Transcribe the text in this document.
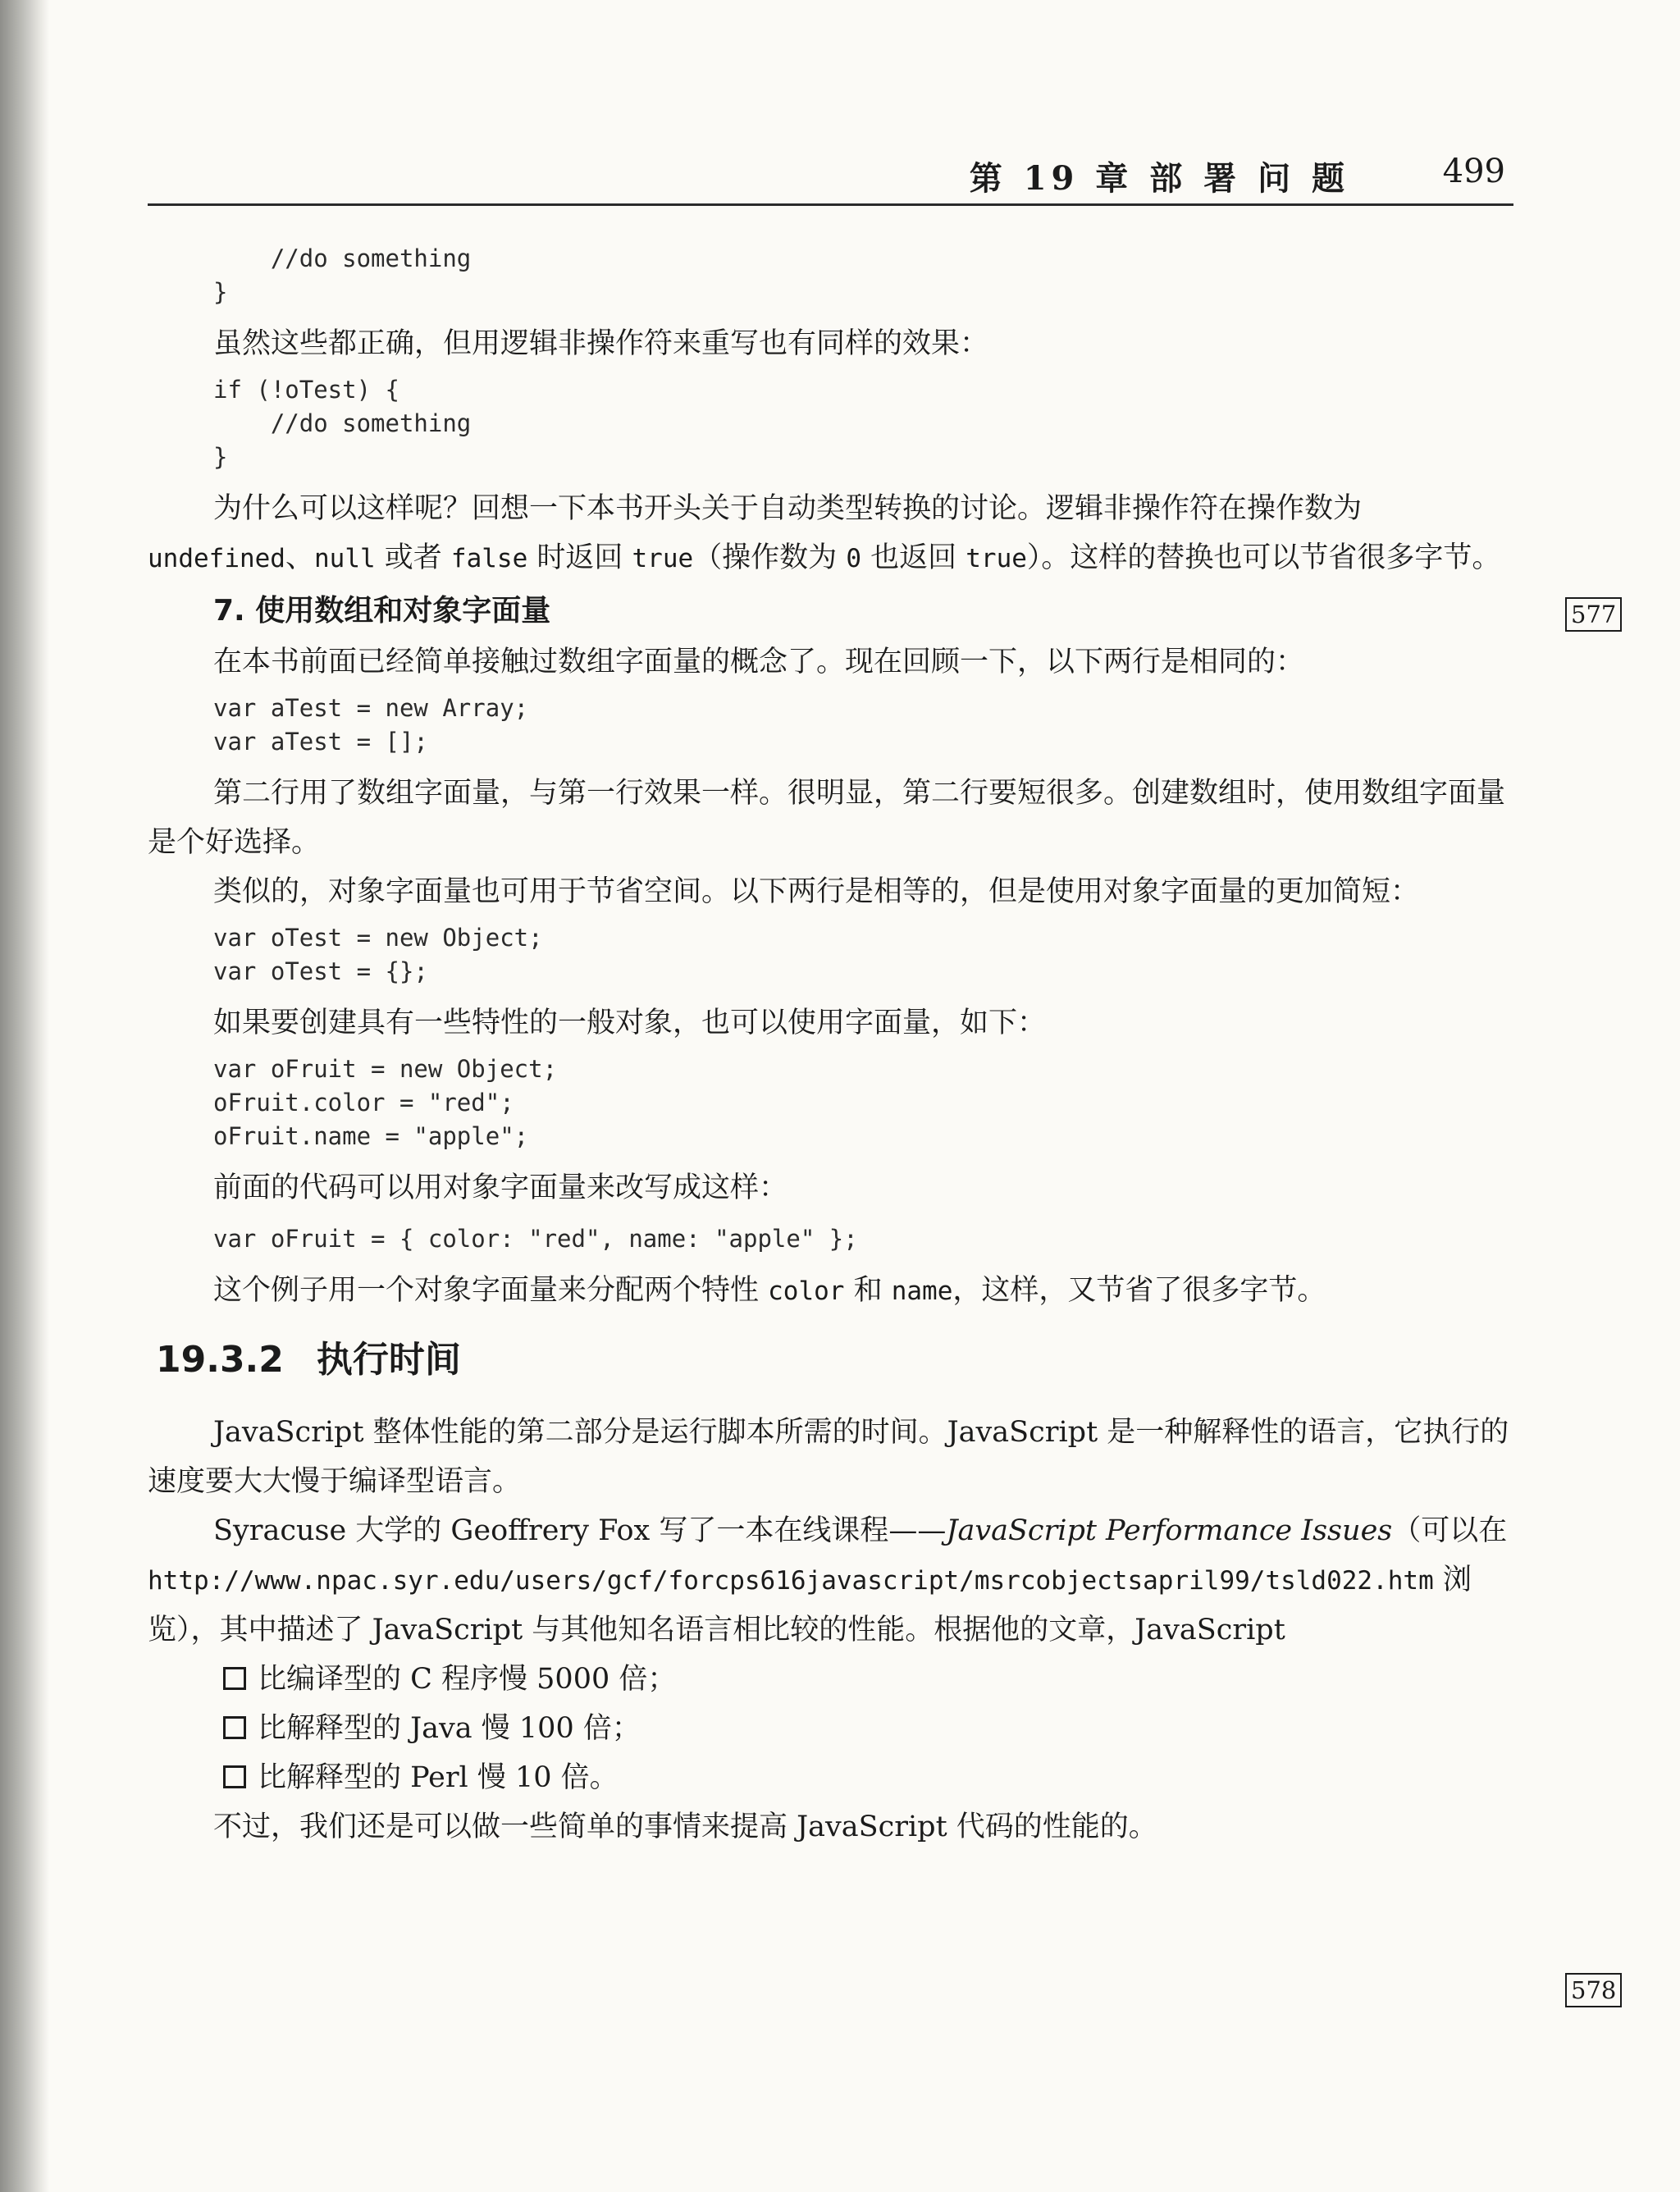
第 19 章 部 署 问 题	499
577
578
//do something
}

虽然这些都正确，但用逻辑非操作符来重写也有同样的效果：

if (!oTest) {
//do something
}

为什么可以这样呢？回想一下本书开头关于自动类型转换的讨论。逻辑非操作符在操作数为undefined、null 或者 false 时返回 true（操作数为 0 也返回 true）。这样的替换也可以节省很多字节。

7. 使用数组和对象字面量

在本书前面已经简单接触过数组字面量的概念了。现在回顾一下，以下两行是相同的：

var aTest = new Array;
var aTest = [];

第二行用了数组字面量，与第一行效果一样。很明显，第二行要短很多。创建数组时，使用数组字面量是个好选择。

类似的，对象字面量也可用于节省空间。以下两行是相等的，但是使用对象字面量的更加简短：

var oTest = new Object;
var oTest = {};

如果要创建具有一些特性的一般对象，也可以使用字面量，如下：

var oFruit = new Object;
oFruit.color = "red";
oFruit.name = "apple";

前面的代码可以用对象字面量来改写成这样：

var oFruit = { color: "red", name: "apple" };

这个例子用一个对象字面量来分配两个特性 color 和 name，这样，又节省了很多字节。

19.3.2 执行时间

JavaScript 整体性能的第二部分是运行脚本所需的时间。JavaScript 是一种解释性的语言，它执行的速度要大大慢于编译型语言。

Syracuse 大学的 Geoffrery Fox 写了一本在线课程——JavaScript Performance Issues（可以在http://www.npac.syr.edu/users/gcf/forcps616javascript/msrcobjectsapril99/tsld022.htm 浏览），其中描述了 JavaScript 与其他知名语言相比较的性能。根据他的文章，JavaScript

比编译型的 C 程序慢 5000 倍；
比解释型的 Java 慢 100 倍；
比解释型的 Perl 慢 10 倍。

不过，我们还是可以做一些简单的事情来提高 JavaScript 代码的性能的。
